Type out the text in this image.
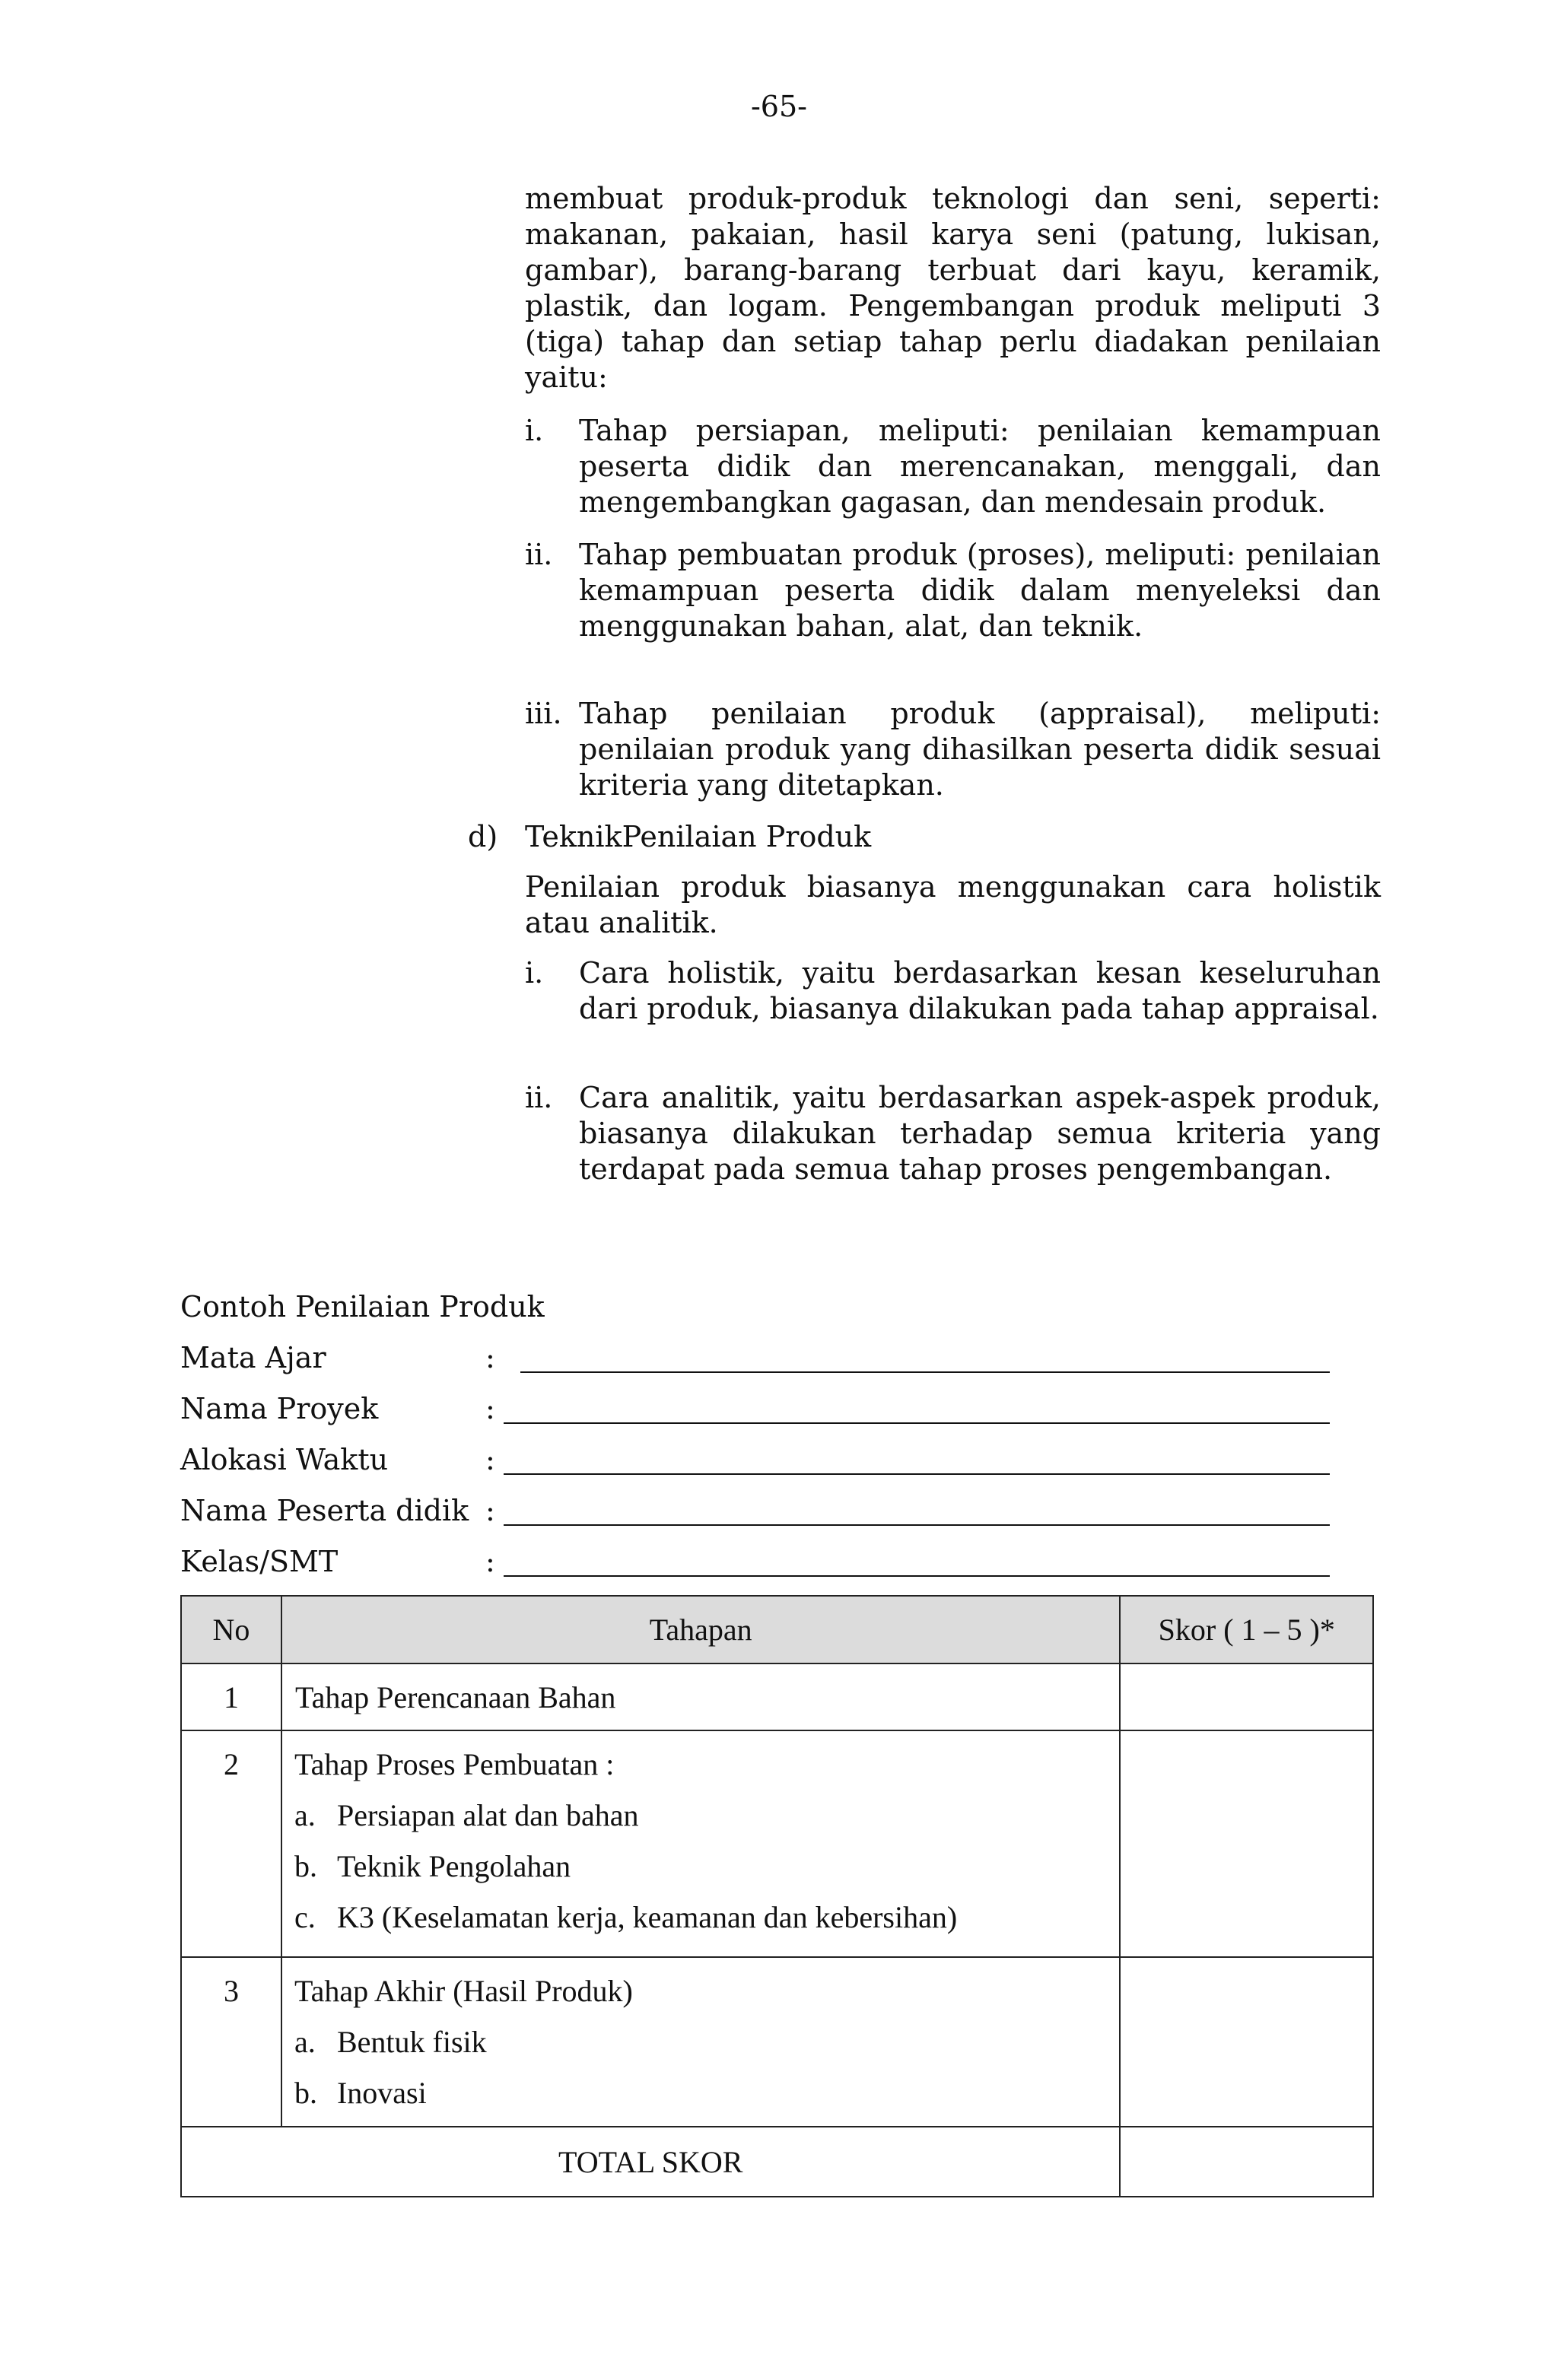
-65-
membuat produk-produk teknologi dan seni, seperti: makanan, pakaian, hasil karya seni (patung, lukisan, gambar), barang-barang terbuat dari kayu, keramik, plastik, dan logam. Pengembangan produk meliputi 3 (tiga) tahap dan setiap tahap perlu diadakan penilaian yaitu:
i. Tahap persiapan, meliputi: penilaian kemampuan peserta didik dan merencanakan, menggali, dan mengembangkan gagasan, dan mendesain produk.
ii. Tahap pembuatan produk (proses), meliputi: penilaian kemampuan peserta didik dalam menyeleksi dan menggunakan bahan, alat, dan teknik.
iii. Tahap penilaian produk (appraisal), meliputi: penilaian produk yang dihasilkan peserta didik sesuai kriteria yang ditetapkan.
d) TeknikPenilaian Produk
Penilaian produk biasanya menggunakan cara holistik atau analitik.
i. Cara holistik, yaitu berdasarkan kesan keseluruhan dari produk, biasanya dilakukan pada tahap appraisal.
ii. Cara analitik, yaitu berdasarkan aspek-aspek produk, biasanya dilakukan terhadap semua kriteria yang terdapat pada semua tahap proses pengembangan.
Contoh Penilaian Produk
Mata Ajar	:
Nama Proyek	:
Alokasi Waktu	:
Nama Peserta didik :
Kelas/SMT	:
No	Tahapan	Skor ( 1 – 5 )*
1	Tahap Perencanaan Bahan	

2	Tahap Proses Pembuatan :
a. Persiapan alat dan bahan
b. Teknik Pengolahan
c. K3 (Keselamatan kerja, keamanan dan kebersihan)	

3	Tahap Akhir (Hasil Produk)
a. Bentuk fisik
b. Inovasi	

TOTAL SKOR		
